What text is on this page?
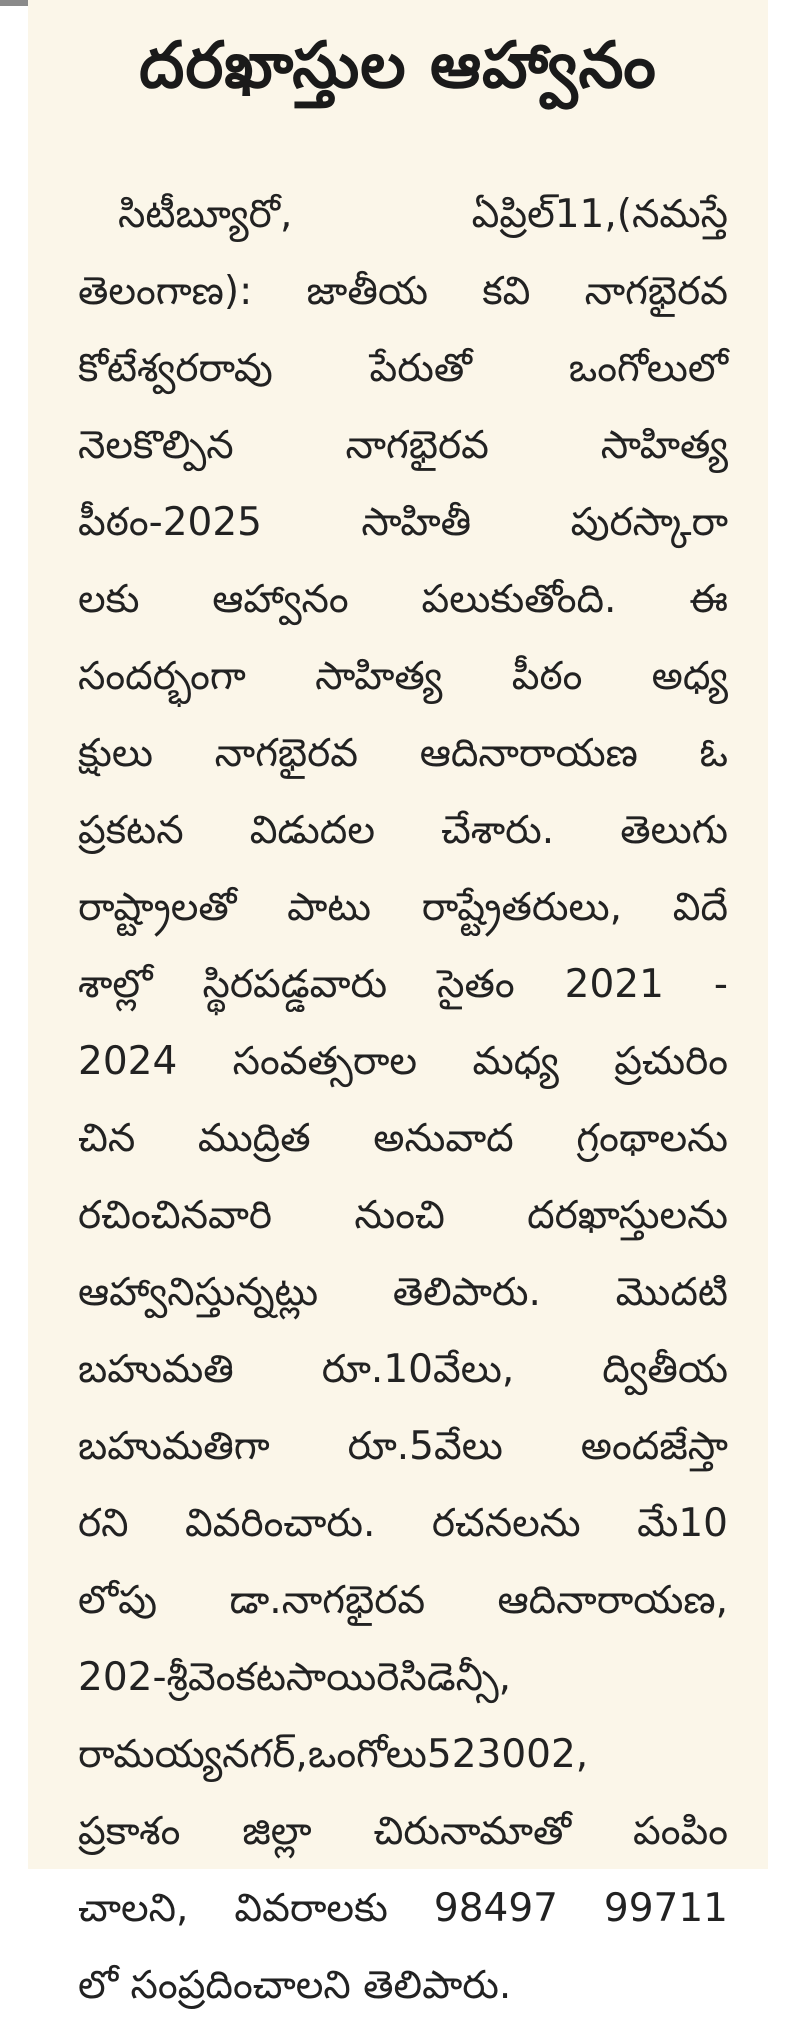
దరఖాస్తుల ఆహ్వానం

సిటీబ్యూరో, ఏప్రిల్11,(నమస్తే
తెలంగాణ): జాతీయ కవి నాగభైరవ
కోటేశ్వరరావు పేరుతో ఒంగోలులో
నెలకొల్పిన నాగభైరవ సాహిత్య
పీఠం-2025 సాహితీ పురస్కారా
లకు ఆహ్వానం పలుకుతోంది. ఈ
సందర్భంగా సాహిత్య పీఠం అధ్య
క్షులు నాగభైరవ ఆదినారాయణ ఓ
ప్రకటన విడుదల చేశారు. తెలుగు
రాష్ట్రాలతో పాటు రాష్ట్రేతరులు, విదే
శాల్లో స్థిరపడ్డవారు సైతం 2021 -
2024 సంవత్సరాల మధ్య ప్రచురిం
చిన ముద్రిత అనువాద గ్రంథాలను
రచించినవారి నుంచి దరఖాస్తులను
ఆహ్వానిస్తున్నట్లు తెలిపారు. మొదటి
బహుమతి రూ.10వేలు, ద్వితీయ
బహుమతిగా రూ.5వేలు అందజేస్తా
రని వివరించారు. రచనలను మే10
లోపు డా.నాగభైరవ ఆదినారాయణ,
202-శ్రీవెంకటసాయిరెసిడెన్సీ,
రామయ్యనగర్,ఒంగోలు523002,
ప్రకాశం జిల్లా చిరునామాతో పంపిం
చాలని, వివరాలకు 98497 99711
లో సంప్రదించాలని తెలిపారు.
